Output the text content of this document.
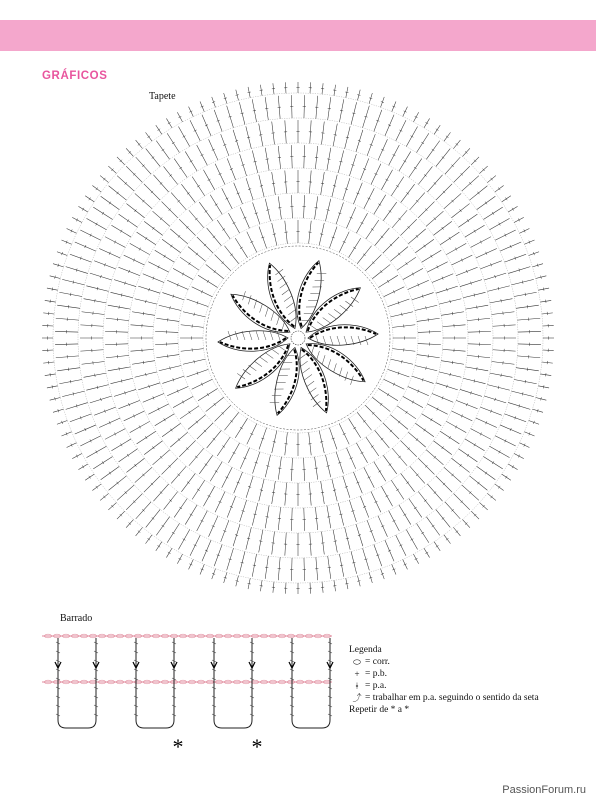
GRÁFICOS
Tapete
Barrado
*	*
Legenda
⬭ = corr.
+ = p.b.
ǂ = p.a.
⤴ = trabalhar em p.a. seguindo o sentido da seta
Repetir de * a *
PassionForum.ru
